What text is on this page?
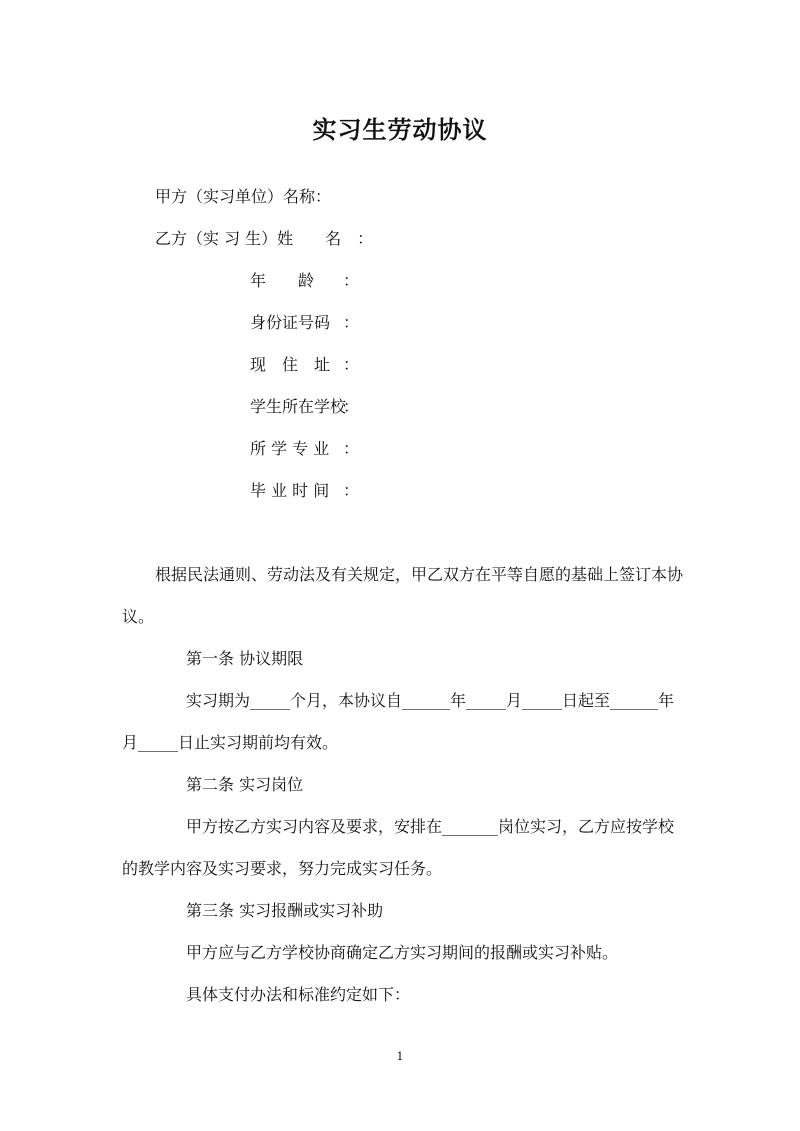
实习生劳动协议
甲方（实习单位）名称：
乙方（实 习 生）姓　　名　：
年　　龄 ：
身份证号码 ：
现　住　址 ：
学生所在学校
：
所 学 专 业 ：
毕 业 时 间 ：
根据民法通则、劳动法及有关规定，甲乙双方在平等自愿的基础上签订本协
议。
第一条 协议期限
实习期为_____个月，本协议自______年_____月_____日起至______年
月_____日止实习期前均有效。
第二条 实习岗位
甲方按乙方实习内容及要求，安排在_______岗位实习，乙方应按学校
的教学内容及实习要求，努力完成实习任务。
第三条 实习报酬或实习补助
甲方应与乙方学校协商确定乙方实习期间的报酬或实习补贴。
具体支付办法和标准约定如下：
1
